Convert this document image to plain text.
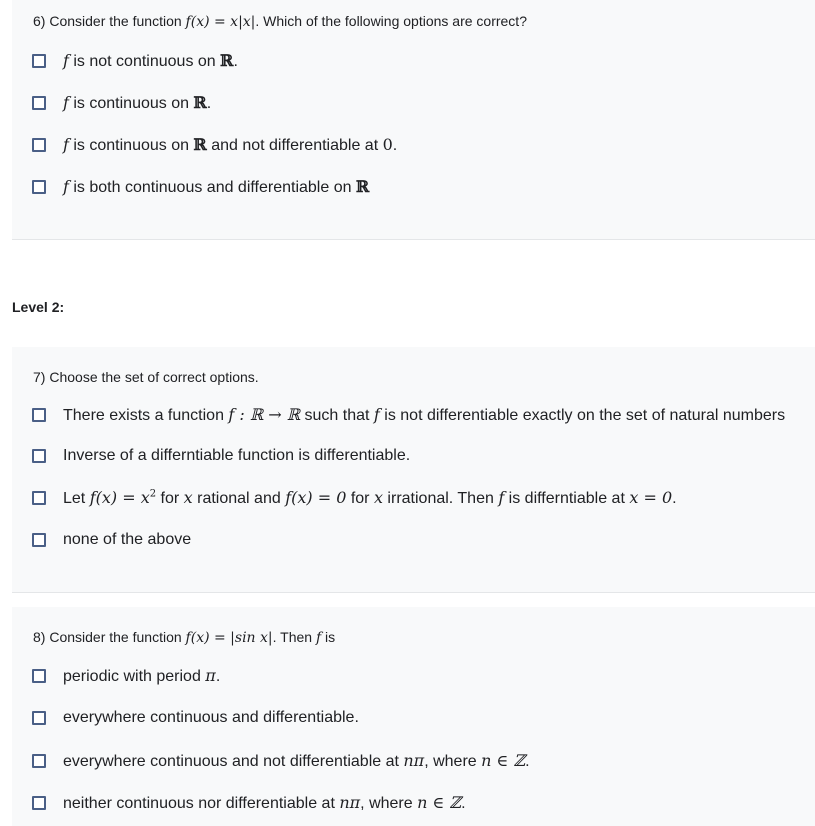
6) Consider the function f(x) = x|x|. Which of the following options are correct?
f is not continuous on ℝ.
f is continuous on ℝ.
f is continuous on ℝ and not differentiable at 0.
f is both continuous and differentiable on ℝ
Level 2:
7) Choose the set of correct options.
There exists a function f : ℝ → ℝ such that f is not differentiable exactly on the set of natural numbers
Inverse of a differntiable function is differentiable.
Let $f(x) = x^2$ for x rational and f(x) = 0 for x irrational. Then f is differntiable at x = 0.
none of the above
8) Consider the function f(x) = |sin x|. Then f is
periodic with period π.
everywhere continuous and differentiable.
everywhere continuous and not differentiable at nπ, where n ∈ ℤ.
neither continuous nor differentiable at nπ, where n ∈ ℤ.
